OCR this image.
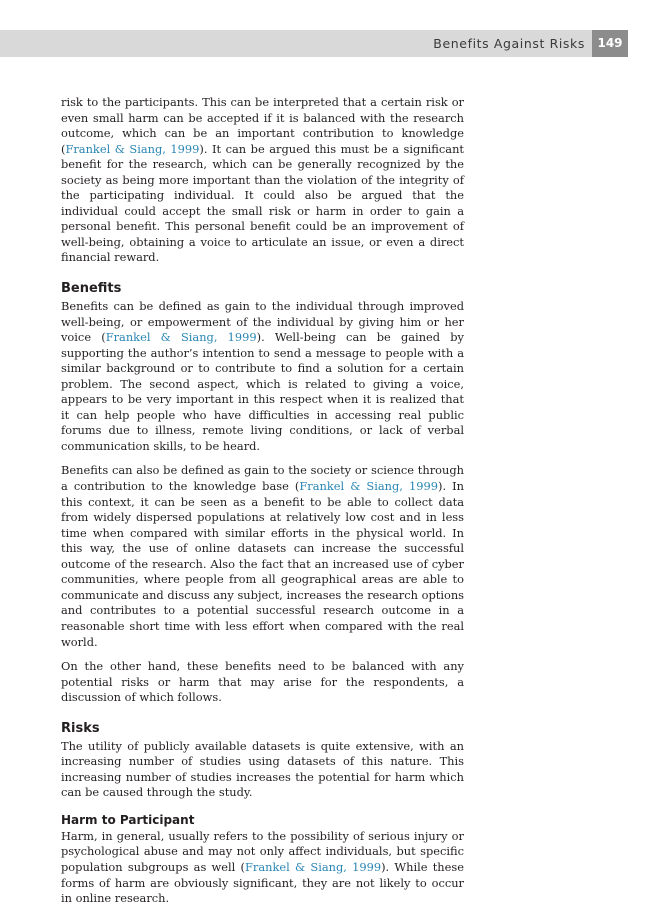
Benefits Against Risks	149

risk to the participants. This can be interpreted that a certain risk or even small harm can be accepted if it is balanced with the research outcome, which can be an important contribution to knowledge (Frankel & Siang, 1999). It can be argued this must be a significant benefit for the research, which can be generally recognized by the society as being more important than the violation of the integrity of the participating individual. It could also be argued that the individual could accept the small risk or harm in order to gain a personal benefit. This personal benefit could be an improvement of well-being, obtaining a voice to articulate an issue, or even a direct financial reward.

Benefits

Benefits can be defined as gain to the individual through improved well-being, or empowerment of the individual by giving him or her voice (Frankel & Siang, 1999). Well-being can be gained by supporting the author’s intention to send a message to people with a similar background or to contribute to find a solution for a certain problem. The second aspect, which is related to giving a voice, appears to be very important in this respect when it is realized that it can help people who have difficulties in accessing real public forums due to illness, remote living conditions, or lack of verbal communication skills, to be heard.

Benefits can also be defined as gain to the society or science through a contribution to the knowledge base (Frankel & Siang, 1999). In this context, it can be seen as a benefit to be able to collect data from widely dispersed populations at relatively low cost and in less time when compared with similar efforts in the physical world. In this way, the use of online datasets can increase the successful outcome of the research. Also the fact that an increased use of cyber communities, where people from all geographical areas are able to communicate and discuss any subject, increases the research options and contributes to a potential successful research outcome in a reasonable short time with less effort when compared with the real world.

On the other hand, these benefits need to be balanced with any potential risks or harm that may arise for the respondents, a discussion of which follows.

Risks

The utility of publicly available datasets is quite extensive, with an increasing number of studies using datasets of this nature. This increasing number of studies increases the potential for harm which can be caused through the study.

Harm to Participant

Harm, in general, usually refers to the possibility of serious injury or psychological abuse and may not only affect individuals, but specific population subgroups as well (Frankel & Siang, 1999). While these forms of harm are obviously significant, they are not likely to occur in online research.
